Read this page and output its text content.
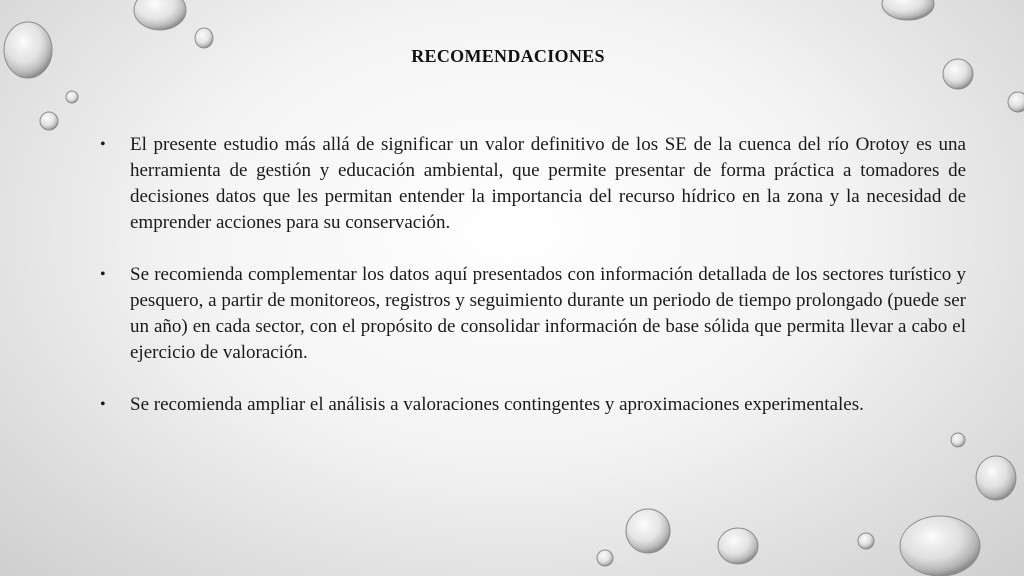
RECOMENDACIONES
• El presente estudio más allá de significar un valor definitivo de los SE de la cuenca del río Orotoy es una herramienta de gestión y educación ambiental, que permite presentar de forma práctica a tomadores de decisiones datos que les permitan entender la importancia del recurso hídrico en la zona y la necesidad de emprender acciones para su conservación.
• Se recomienda complementar los datos aquí presentados con información detallada de los sectores turístico y pesquero, a partir de monitoreos, registros y seguimiento durante un periodo de tiempo prolongado (puede ser un año) en cada sector, con el propósito de consolidar información de base sólida que permita llevar a cabo el ejercicio de valoración.
• Se recomienda ampliar el análisis a valoraciones contingentes y aproximaciones experimentales.
